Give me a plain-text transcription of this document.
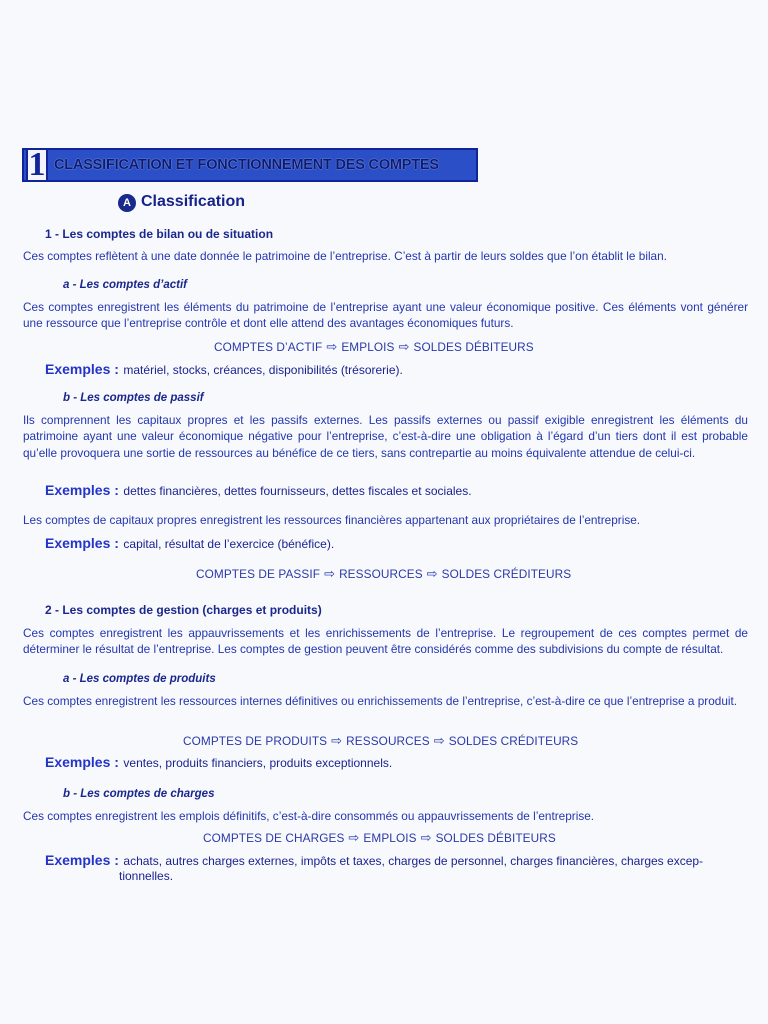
1 CLASSIFICATION ET FONCTIONNEMENT DES COMPTES
A Classification
1 - Les comptes de bilan ou de situation
Ces comptes reflètent à une date donnée le patrimoine de l’entreprise. C’est à partir de leurs soldes que l’on établit le bilan.
a - Les comptes d’actif
Ces comptes enregistrent les éléments du patrimoine de l’entreprise ayant une valeur économique positive. Ces éléments vont générer une ressource que l’entreprise contrôle et dont elle attend des avantages économiques futurs.
COMPTES D’ACTIF ⇨ EMPLOIS ⇨ SOLDES DÉBITEURS
Exemples : matériel, stocks, créances, disponibilités (trésorerie).
b - Les comptes de passif
Ils comprennent les capitaux propres et les passifs externes. Les passifs externes ou passif exigible enregistrent les éléments du patrimoine ayant une valeur économique négative pour l’entreprise, c’est-à-dire une obligation à l’égard d’un tiers dont il est probable qu’elle provoquera une sortie de ressources au bénéfice de ce tiers, sans contrepartie au moins équivalente attendue de celui-ci.
Exemples : dettes financières, dettes fournisseurs, dettes fiscales et sociales.
Les comptes de capitaux propres enregistrent les ressources financières appartenant aux propriétaires de l’entreprise.
Exemples : capital, résultat de l’exercice (bénéfice).
COMPTES DE PASSIF ⇨ RESSOURCES ⇨ SOLDES CRÉDITEURS
2 - Les comptes de gestion (charges et produits)
Ces comptes enregistrent les appauvrissements et les enrichissements de l’entreprise. Le regroupement de ces comptes permet de déterminer le résultat de l’entreprise. Les comptes de gestion peuvent être considérés comme des subdivisions du compte de résultat.
a - Les comptes de produits
Ces comptes enregistrent les ressources internes définitives ou enrichissements de l’entreprise, c’est-à-dire ce que l’entreprise a produit.
COMPTES DE PRODUITS ⇨ RESSOURCES ⇨ SOLDES CRÉDITEURS
Exemples : ventes, produits financiers, produits exceptionnels.
b - Les comptes de charges
Ces comptes enregistrent les emplois définitifs, c’est-à-dire consommés ou appauvrissements de l’entreprise.
COMPTES DE CHARGES ⇨ EMPLOIS ⇨ SOLDES DÉBITEURS
Exemples : achats, autres charges externes, impôts et taxes, charges de personnel, charges financières, charges excep-
tionnelles.
